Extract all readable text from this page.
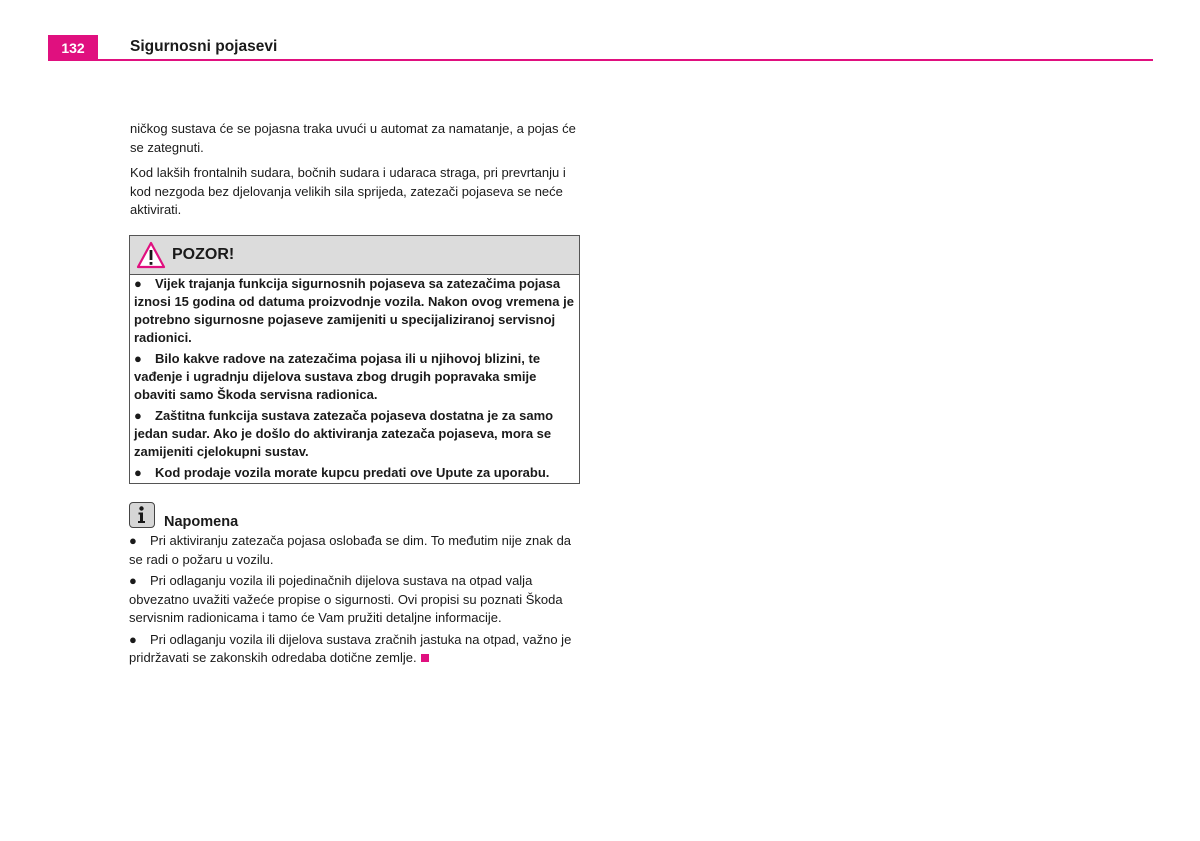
132	Sigurnosni pojasevi

ničkog sustava će se pojasna traka uvući u automat za namatanje, a pojas će se zategnuti.

Kod lakših frontalnih sudara, bočnih sudara i udaraca straga, pri prevrtanju i kod nezgoda bez djelovanja velikih sila sprijeda, zatezači pojaseva se neće aktivirati.

POZOR!

● Vijek trajanja funkcija sigurnosnih pojaseva sa zatezačima pojasa iznosi 15 godina od datuma proizvodnje vozila. Nakon ovog vremena je potrebno sigurnosne pojaseve zamijeniti u specijaliziranoj servisnoj radionici.

● Bilo kakve radove na zatezačima pojasa ili u njihovoj blizini, te vađenje i ugradnju dijelova sustava zbog drugih popravaka smije obaviti samo Škoda servisna radionica.

● Zaštitna funkcija sustava zatezača pojaseva dostatna je za samo jedan sudar. Ako je došlo do aktiviranja zatezača pojaseva, mora se zamijeniti cjelokupni sustav.

● Kod prodaje vozila morate kupcu predati ove Upute za uporabu.

Napomena

● Pri aktiviranju zatezača pojasa oslobađa se dim. To međutim nije znak da se radi o požaru u vozilu.

● Pri odlaganju vozila ili pojedinačnih dijelova sustava na otpad valja obvezatno uvažiti važeće propise o sigurnosti. Ovi propisi su poznati Škoda servisnim radionicama i tamo će Vam pružiti detaljne informacije.

● Pri odlaganju vozila ili dijelova sustava zračnih jastuka na otpad, važno je pridržavati se zakonskih odredaba dotične zemlje.
